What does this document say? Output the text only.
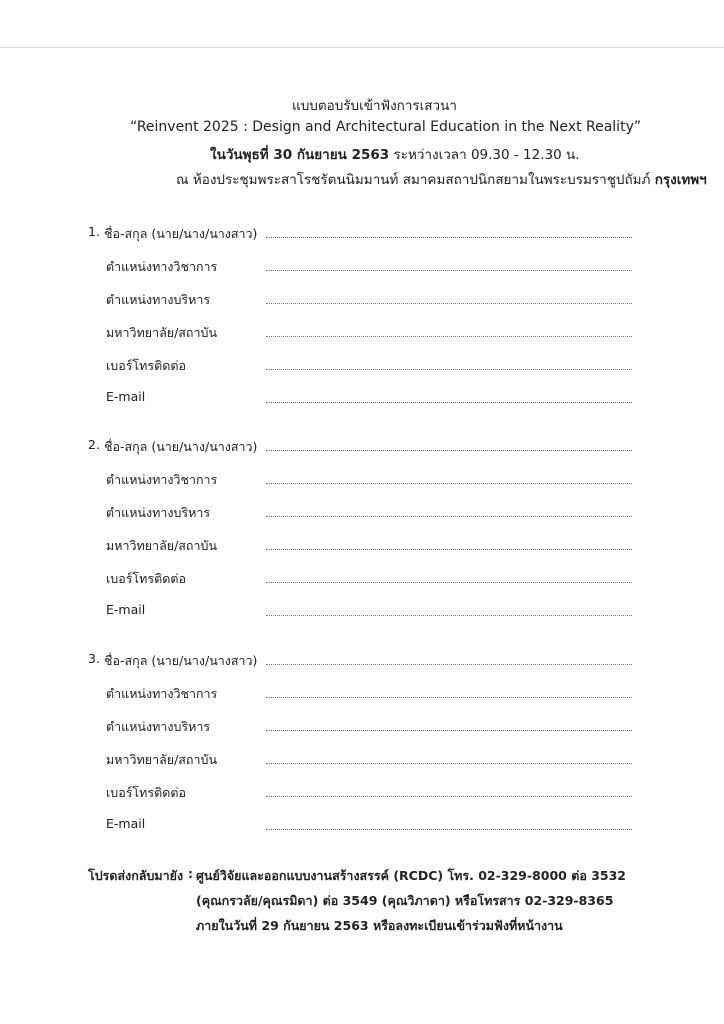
แบบตอบรับเข้าฟังการเสวนา
“Reinvent 2025 : Design and Architectural Education in the Next Reality”
ในวันพุธที่ 30 กันยายน 2563 ระหว่างเวลา 09.30 - 12.30 น.
ณ ห้องประชุมพระสาโรชรัตนนิมมานท์ สมาคมสถาปนิกสยามในพระบรมราชูปถัมภ์ กรุงเทพฯ
1. ชื่อ-สกุล (นาย/นาง/นางสาว)
ตำแหน่งทางวิชาการ
ตำแหน่งทางบริหาร
มหาวิทยาลัย/สถาบัน
เบอร์โทรติดต่อ
E-mail
2. ชื่อ-สกุล (นาย/นาง/นางสาว)
ตำแหน่งทางวิชาการ
ตำแหน่งทางบริหาร
มหาวิทยาลัย/สถาบัน
เบอร์โทรติดต่อ
E-mail
3. ชื่อ-สกุล (นาย/นาง/นางสาว)
ตำแหน่งทางวิชาการ
ตำแหน่งทางบริหาร
มหาวิทยาลัย/สถาบัน
เบอร์โทรติดต่อ
E-mail
โปรดส่งกลับมายัง : ศูนย์วิจัยและออกแบบงานสร้างสรรค์ (RCDC) โทร. 02-329-8000 ต่อ 3532
(คุณกรวลัย/คุณรมิดา) ต่อ 3549 (คุณวิภาดา) หรือโทรสาร 02-329-8365
ภายในวันที่ 29 กันยายน 2563 หรือลงทะเบียนเข้าร่วมฟังที่หน้างาน
